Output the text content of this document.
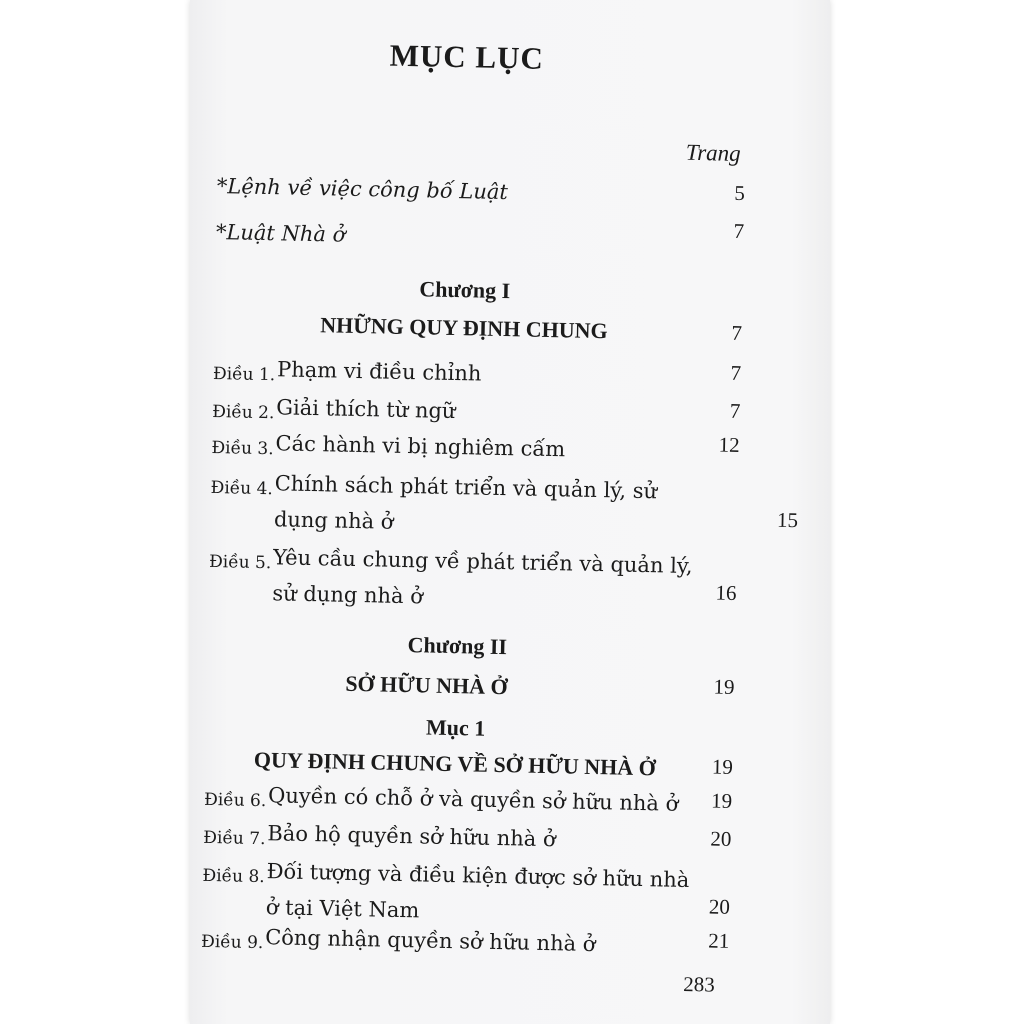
MỤC LỤC
Trang
*Lệnh về việc công bố Luật	5
*Luật Nhà ở	7
Chương I
NHỮNG QUY ĐỊNH CHUNG	7
Điều 1. Phạm vi điều chỉnh	7
Điều 2. Giải thích từ ngữ	7
Điều 3. Các hành vi bị nghiêm cấm	12
Điều 4. Chính sách phát triển và quản lý, sử dụng nhà ở	15
Điều 5. Yêu cầu chung về phát triển và quản lý, sử dụng nhà ở	16
Chương II
SỞ HỮU NHÀ Ở	19
Mục 1
QUY ĐỊNH CHUNG VỀ SỞ HỮU NHÀ Ở	19
Điều 6. Quyền có chỗ ở và quyền sở hữu nhà ở	19
Điều 7. Bảo hộ quyền sở hữu nhà ở	20
Điều 8. Đối tượng và điều kiện được sở hữu nhà ở tại Việt Nam	20
Điều 9. Công nhận quyền sở hữu nhà ở	21
283
